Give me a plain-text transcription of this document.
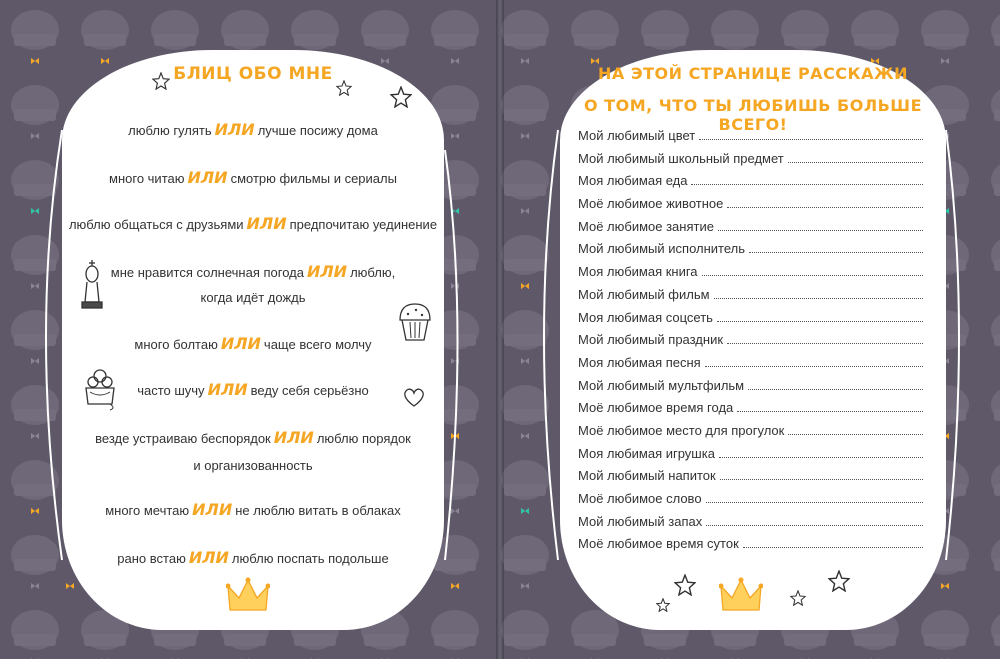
БЛИЦ ОБО МНЕ
люблю гулять ИЛИ лучше посижу дома
много читаю ИЛИ смотрю фильмы и сериалы
люблю общаться с друзьями ИЛИ предпочитаю уединение
мне нравится солнечная погода ИЛИ люблю,
когда идёт дождь
много болтаю ИЛИ чаще всего молчу
часто шучу ИЛИ веду себя серьёзно
везде устраиваю беспорядок ИЛИ люблю порядок
и организованность
много мечтаю ИЛИ не люблю витать в облаках
рано встаю ИЛИ люблю поспать подольше
НА ЭТОЙ СТРАНИЦЕ РАССКАЖИ
О ТОМ, ЧТО ТЫ ЛЮБИШЬ БОЛЬШЕ ВСЕГО!
Мой любимый цвет
Мой любимый школьный предмет
Моя любимая еда
Моё любимое животное
Моё любимое занятие
Мой любимый исполнитель
Моя любимая книга
Мой любимый фильм
Моя любимая соцсеть
Мой любимый праздник
Моя любимая песня
Мой любимый мультфильм
Моё любимое время года
Моё любимое место для прогулок
Моя любимая игрушка
Мой любимый напиток
Моё любимое слово
Мой любимый запах
Моё любимое время суток
